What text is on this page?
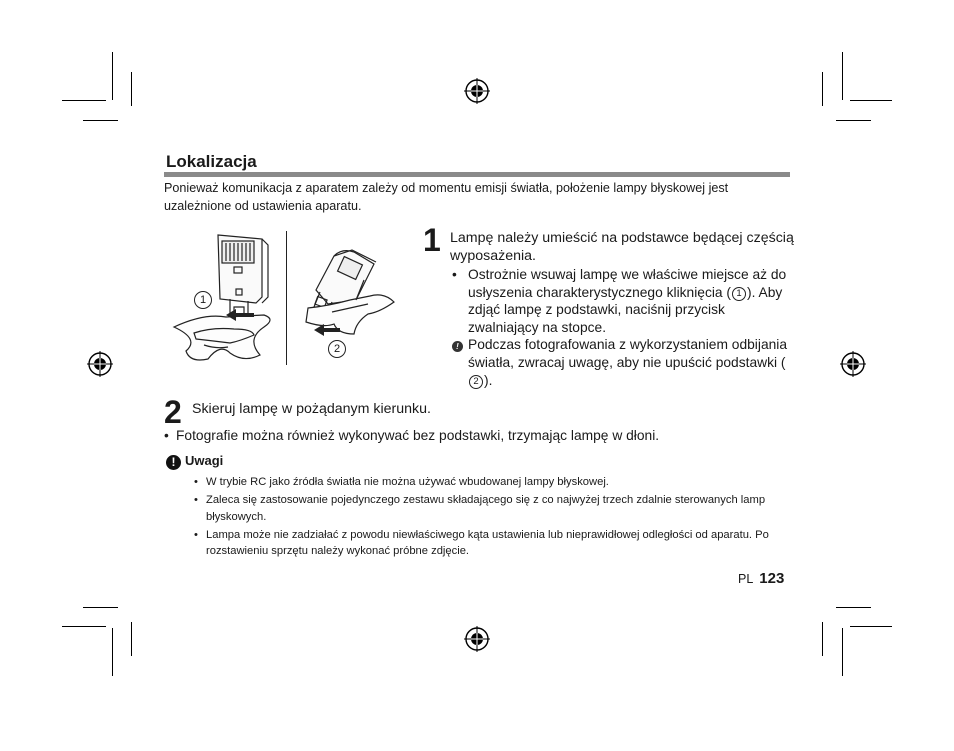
Lokalizacja
Ponieważ komunikacja z aparatem zależy od momentu emisji światła, położenie lampy błyskowej jest uzależnione od ustawienia aparatu.
1
2
1 Lampę należy umieścić na podstawce będącej częścią wyposażenia.
• Ostrożnie wsuwaj lampę we właściwe miejsce aż do usłyszenia charakterystycznego kliknięcia ( 1 ). Aby zdjąć lampę z podstawki, naciśnij przycisk zwalniający na stopce.
! Podczas fotografowania z wykorzystaniem odbijania światła, zwracaj uwagę, aby nie upuścić podstawki (2 ).
2 Skieruj lampę w pożądanym kierunku.
• Fotografie można również wykonywać bez podstawki, trzymając lampę w dłoni.
! Uwagi
• W trybie RC jako źródła światła nie można używać wbudowanej lampy błyskowej.
• Zaleca się zastosowanie pojedynczego zestawu składającego się z co najwyżej trzech zdalnie sterowanych lamp błyskowych.
• Lampa może nie zadziałać z powodu niewłaściwego kąta ustawienia lub nieprawidłowej odległości od aparatu. Po rozstawieniu sprzętu należy wykonać próbne zdjęcie.
PL 123
